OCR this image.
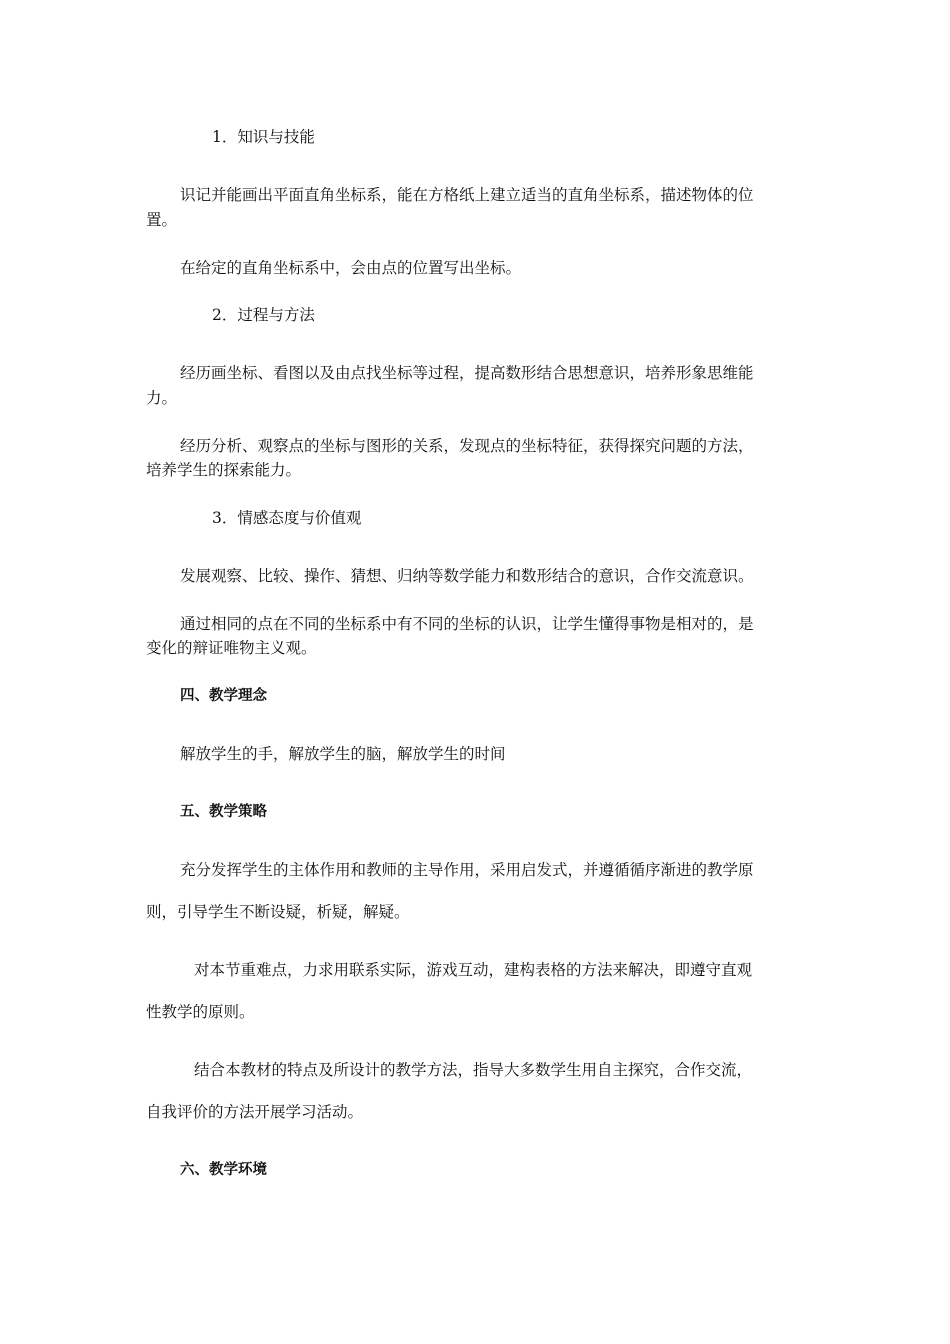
1．知识与技能
识记并能画出平面直角坐标系，能在方格纸上建立适当的直角坐标系，描述物体的位
置。
在给定的直角坐标系中，会由点的位置写出坐标。
2．过程与方法
经历画坐标、看图以及由点找坐标等过程，提高数形结合思想意识，培养形象思维能
力。
经历分析、观察点的坐标与图形的关系，发现点的坐标特征，获得探究问题的方法，
培养学生的探索能力。
3．情感态度与价值观
发展观察、比较、操作、猜想、归纳等数学能力和数形结合的意识，合作交流意识。
通过相同的点在不同的坐标系中有不同的坐标的认识，让学生懂得事物是相对的，是
变化的辩证唯物主义观。
四、教学理念
解放学生的手，解放学生的脑，解放学生的时间
五、教学策略
充分发挥学生的主体作用和教师的主导作用，采用启发式，并遵循循序渐进的教学原
则，引导学生不断设疑，析疑，解疑。
对本节重难点，力求用联系实际，游戏互动，建构表格的方法来解决，即遵守直观
性教学的原则。
结合本教材的特点及所设计的教学方法，指导大多数学生用自主探究，合作交流，
自我评价的方法开展学习活动。
六、教学环境
